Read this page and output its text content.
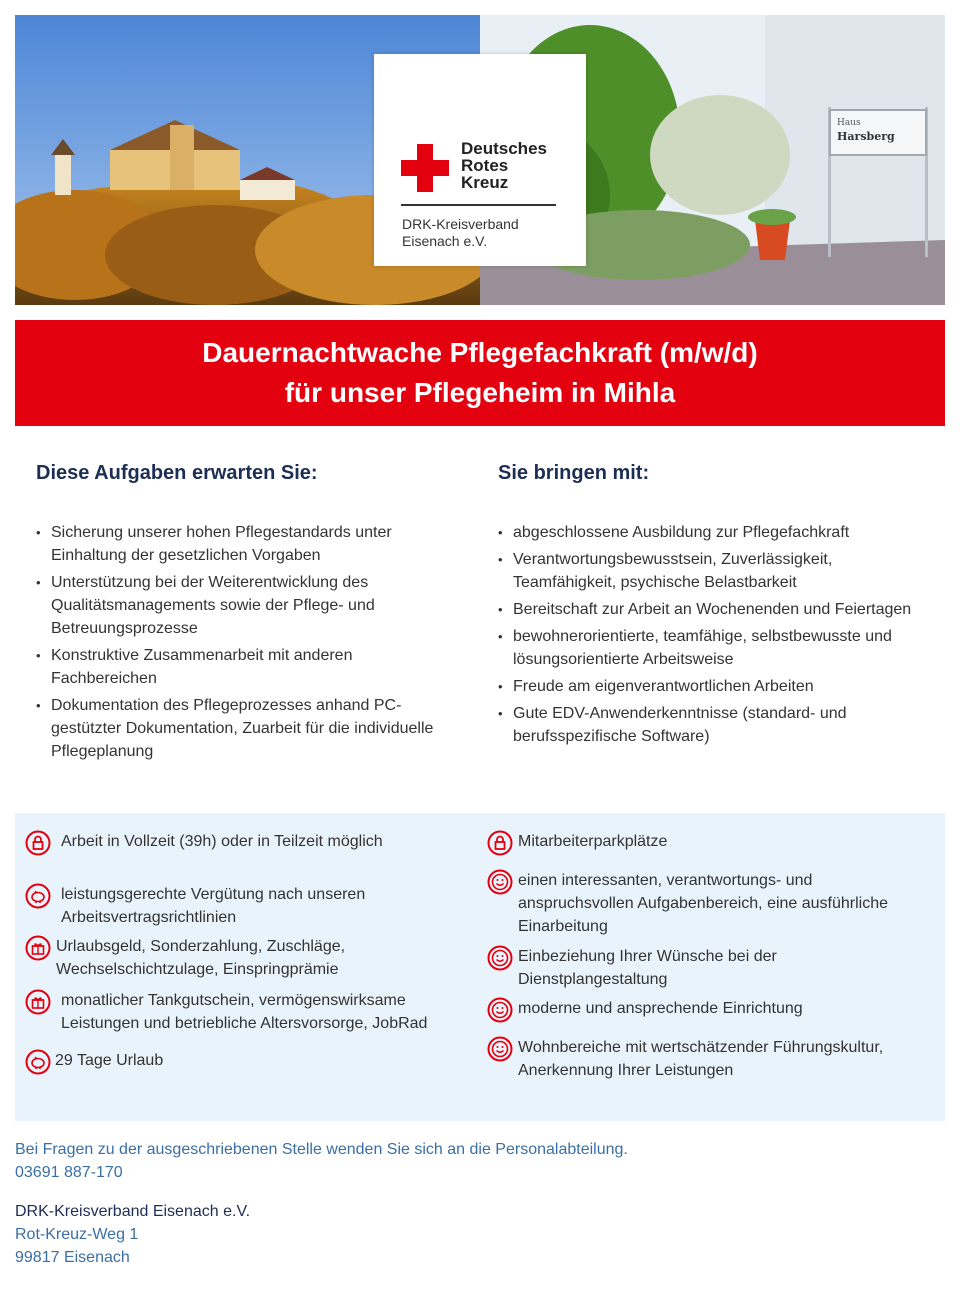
Haus
Harsberg
Deutsches
Rotes
Kreuz
DRK-Kreisverband
Eisenach e.V.
Dauernachtwache Pflegefachkraft (m/w/d)
für unser Pflegeheim in Mihla
Diese Aufgaben erwarten Sie:
• Sicherung unserer hohen Pflegestandards unter Einhaltung der gesetzlichen Vorgaben
• Unterstützung bei der Weiterentwicklung des Qualitätsmanagements sowie der Pflege- und Betreuungsprozesse
• Konstruktive Zusammenarbeit mit anderen Fachbereichen
• Dokumentation des Pflegeprozesses anhand PC-gestützter Dokumentation, Zuarbeit für die individuelle Pflegeplanung
Sie bringen mit:
• abgeschlossene Ausbildung zur Pflegefachkraft
• Verantwortungsbewusstsein, Zuverlässigkeit, Teamfähigkeit, psychische Belastbarkeit
• Bereitschaft zur Arbeit an Wochenenden und Feiertagen
• bewohnerorientierte, teamfähige, selbstbewusste und lösungsorientierte Arbeitsweise
• Freude am eigenverantwortlichen Arbeiten
• Gute EDV-Anwenderkenntnisse (standard- und berufsspezifische Software)
Arbeit in Vollzeit (39h) oder in Teilzeit möglich
leistungsgerechte Vergütung nach unseren Arbeitsvertragsrichtlinien
Urlaubsgeld, Sonderzahlung, Zuschläge, Wechselschichtzulage, Einspringprämie
monatlicher Tankgutschein, vermögenswirksame Leistungen und betriebliche Altersvorsorge, JobRad
29 Tage Urlaub
Mitarbeiterparkplätze
einen interessanten, verantwortungs- und anspruchsvollen Aufgabenbereich, eine ausführliche Einarbeitung
Einbeziehung Ihrer Wünsche bei der Dienstplangestaltung
moderne und ansprechende Einrichtung
Wohnbereiche mit wertschätzender Führungskultur, Anerkennung Ihrer Leistungen
Bei Fragen zu der ausgeschriebenen Stelle wenden Sie sich an die Personalabteilung.
03691 887-170
DRK-Kreisverband Eisenach e.V.
Rot-Kreuz-Weg 1
99817 Eisenach
